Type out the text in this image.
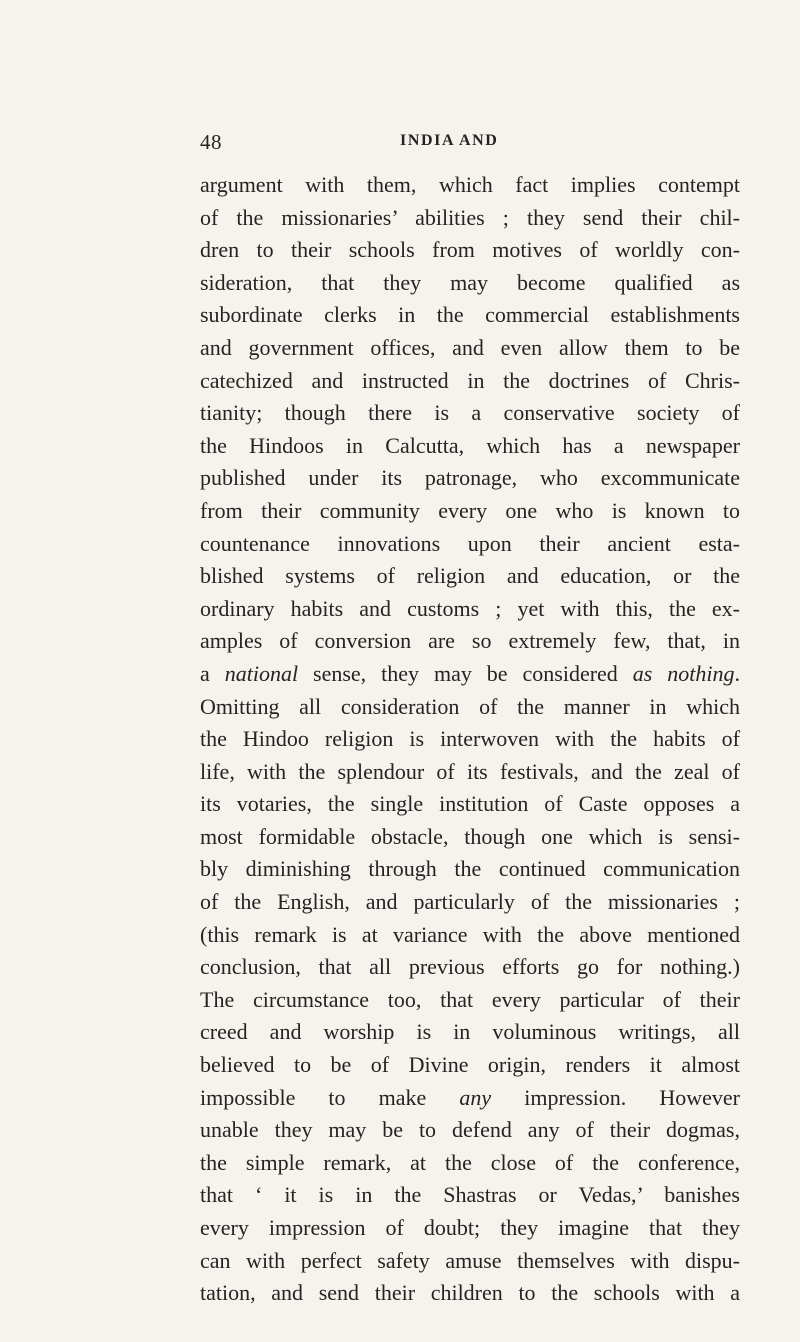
48	INDIA AND
argument with them, which fact implies contempt
of the missionaries’ abilities ; they send their chil-
dren to their schools from motives of worldly con-
sideration, that they may become qualified as
subordinate clerks in the commercial establishments
and government offices, and even allow them to be
catechized and instructed in the doctrines of Chris-
tianity; though there is a conservative society of
the Hindoos in Calcutta, which has a newspaper
published under its patronage, who excommunicate
from their community every one who is known to
countenance innovations upon their ancient esta-
blished systems of religion and education, or the
ordinary habits and customs ; yet with this, the ex-
amples of conversion are so extremely few, that, in
a national sense, they may be considered as nothing.
Omitting all consideration of the manner in which
the Hindoo religion is interwoven with the habits of
life, with the splendour of its festivals, and the zeal of
its votaries, the single institution of Caste opposes a
most formidable obstacle, though one which is sensi-
bly diminishing through the continued communication
of the English, and particularly of the missionaries ;
(this remark is at variance with the above mentioned
conclusion, that all previous efforts go for nothing.)
The circumstance too, that every particular of their
creed and worship is in voluminous writings, all
believed to be of Divine origin, renders it almost
impossible to make any impression. However
unable they may be to defend any of their dogmas,
the simple remark, at the close of the conference,
that ‘ it is in the Shastras or Vedas,’ banishes
every impression of doubt; they imagine that they
can with perfect safety amuse themselves with dispu-
tation, and send their children to the schools with a
